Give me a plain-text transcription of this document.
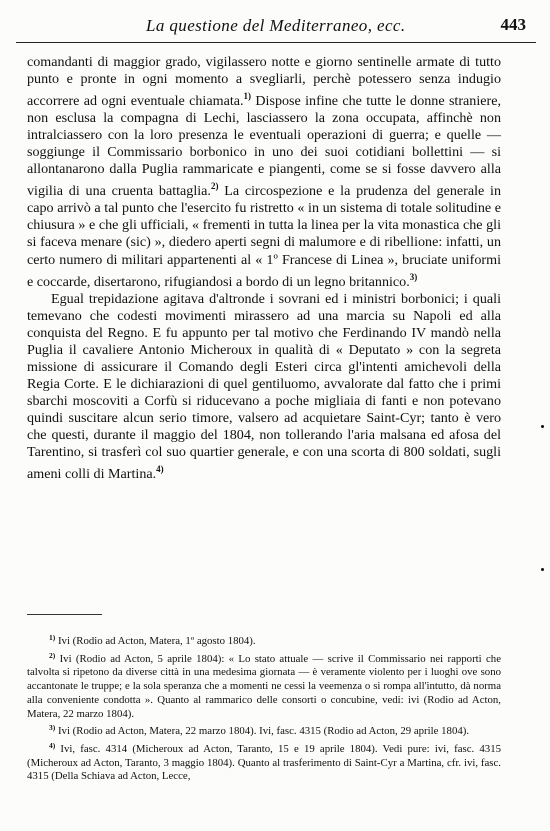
La questione del Mediterraneo, ecc.	443

comandanti di maggior grado, vigilassero notte e giorno sentinelle armate di tutto punto e pronte in ogni momento a svegliarli, perchè potessero senza indugio accorrere ad ogni eventuale chiamata.$^{1)}$ Dispose infine che tutte le donne straniere, non esclusa la compagna di Lechi, lasciassero la zona occupata, affinchè non intralciassero con la loro presenza le eventuali operazioni di guerra; e quelle — soggiunge il Commissario borbonico in uno dei suoi cotidiani bollettini — si allontanarono dalla Puglia rammaricate e piangenti, come se si fosse davvero alla vigilia di una cruenta battaglia.$^{2)}$ La circospezione e la prudenza del generale in capo arrivò a tal punto che l'esercito fu ristretto « in un sistema di totale solitudine e chiusura » e che gli ufficiali, « frementi in tutta la linea per la vita monastica che gli si faceva menare (sic) », diedero aperti segni di malumore e di ribellione: infatti, un certo numero di militari appartenenti al « 1º Francese di Linea », bruciate uniformi e coccarde, disertarono, rifugiandosi a bordo di un legno britannico.$^{3)}$

Egual trepidazione agitava d'altronde i sovrani ed i ministri borbonici; i quali temevano che codesti movimenti mirassero ad una marcia su Napoli ed alla conquista del Regno. E fu appunto per tal motivo che Ferdinando IV mandò nella Puglia il cavaliere Antonio Micheroux in qualità di « Deputato » con la segreta missione di assicurare il Comando degli Esteri circa gl'intenti amichevoli della Regia Corte. E le dichiarazioni di quel gentiluomo, avvalorate dal fatto che i primi sbarchi moscoviti a Corfù si riducevano a poche migliaia di fanti e non potevano quindi suscitare alcun serio timore, valsero ad acquietare Saint-Cyr; tanto è vero che questi, durante il maggio del 1804, non tollerando l'aria malsana ed afosa del Tarentino, si trasferì col suo quartier generale, e con una scorta di 800 soldati, sugli ameni colli di Martina.$^{4)}$

$^{1)}$ Ivi (Rodio ad Acton, Matera, 1º agosto 1804).

$^{2)}$ Ivi (Rodio ad Acton, 5 aprile 1804): « Lo stato attuale — scrive il Commissario nei rapporti che talvolta si ripetono da diverse città in una medesima giornata — è veramente violento per i luoghi ove sono accantonate le truppe; e la sola speranza che a momenti ne cessi la veemenza o si rompa all'intutto, dà norma alla conveniente condotta ». Quanto al rammarico delle consorti o concubine, vedi: ivi (Rodio ad Acton, Matera, 22 marzo 1804).

$^{3)}$ Ivi (Rodio ad Acton, Matera, 22 marzo 1804). Ivi, fasc. 4315 (Rodio ad Acton, 29 aprile 1804).

$^{4)}$ Ivi, fasc. 4314 (Micheroux ad Acton, Taranto, 15 e 19 aprile 1804). Vedi pure: ivi, fasc. 4315 (Micheroux ad Acton, Taranto, 3 maggio 1804). Quanto al trasferimento di Saint-Cyr a Martina, cfr. ivi, fasc. 4315 (Della Schiava ad Acton, Lecce,
